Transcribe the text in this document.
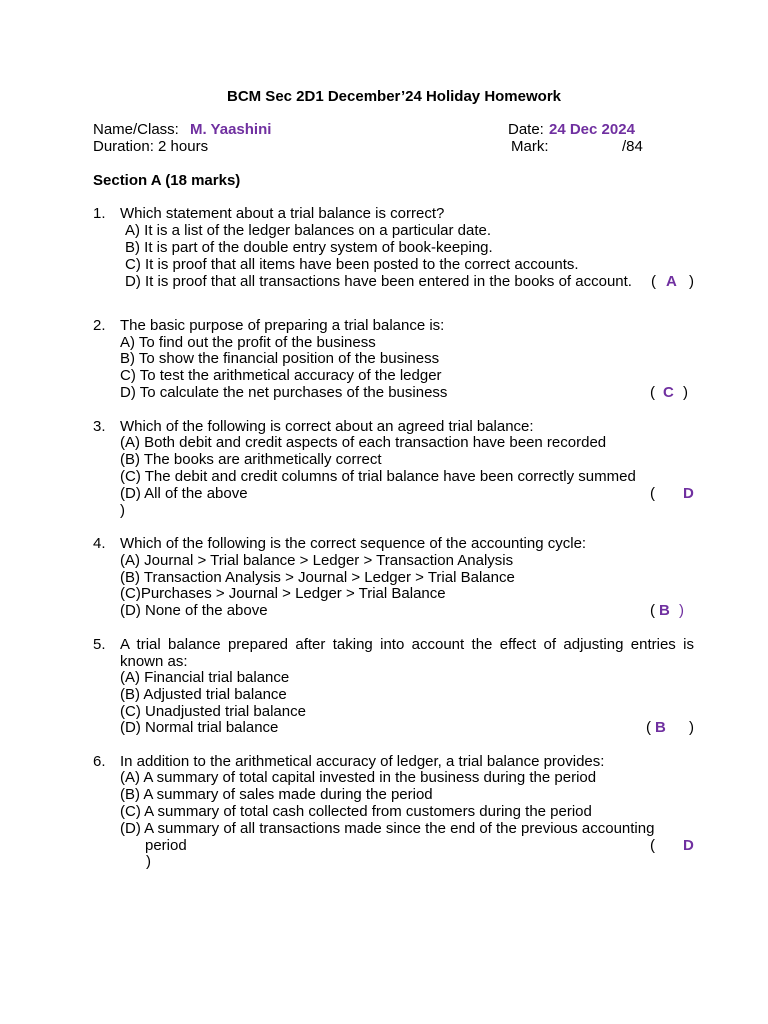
BCM Sec 2D1 December’24 Holiday Homework
Name/Class: M. Yaashini	Date: 24 Dec 2024
Duration: 2 hours	Mark:	/84
Section A (18 marks)
1. Which statement about a trial balance is correct?
A) It is a list of the ledger balances on a particular date.
B) It is part of the double entry system of book-keeping.
C) It is proof that all items have been posted to the correct accounts.
D) It is proof that all transactions have been entered in the books of account. ( A )
2. The basic purpose of preparing a trial balance is:
A) To find out the profit of the business
B) To show the financial position of the business
C) To test the arithmetical accuracy of the ledger
D) To calculate the net purchases of the business	( C )
3. Which of the following is correct about an agreed trial balance:
(A) Both debit and credit aspects of each transaction have been recorded
(B) The books are arithmetically correct
(C) The debit and credit columns of trial balance have been correctly summed
(D) All of the above	( D
)
4. Which of the following is the correct sequence of the accounting cycle:
(A) Journal > Trial balance > Ledger > Transaction Analysis
(B) Transaction Analysis > Journal > Ledger > Trial Balance
(C)Purchases > Journal > Ledger > Trial Balance
(D) None of the above	( B )
5. A trial balance prepared after taking into account the effect of adjusting entries is
known as:
(A) Financial trial balance
(B) Adjusted trial balance
(C) Unadjusted trial balance
(D) Normal trial balance	( B )
6. In addition to the arithmetical accuracy of ledger, a trial balance provides:
(A) A summary of total capital invested in the business during the period
(B) A summary of sales made during the period
(C) A summary of total cash collected from customers during the period
(D) A summary of all transactions made since the end of the previous accounting
period	( D
)
